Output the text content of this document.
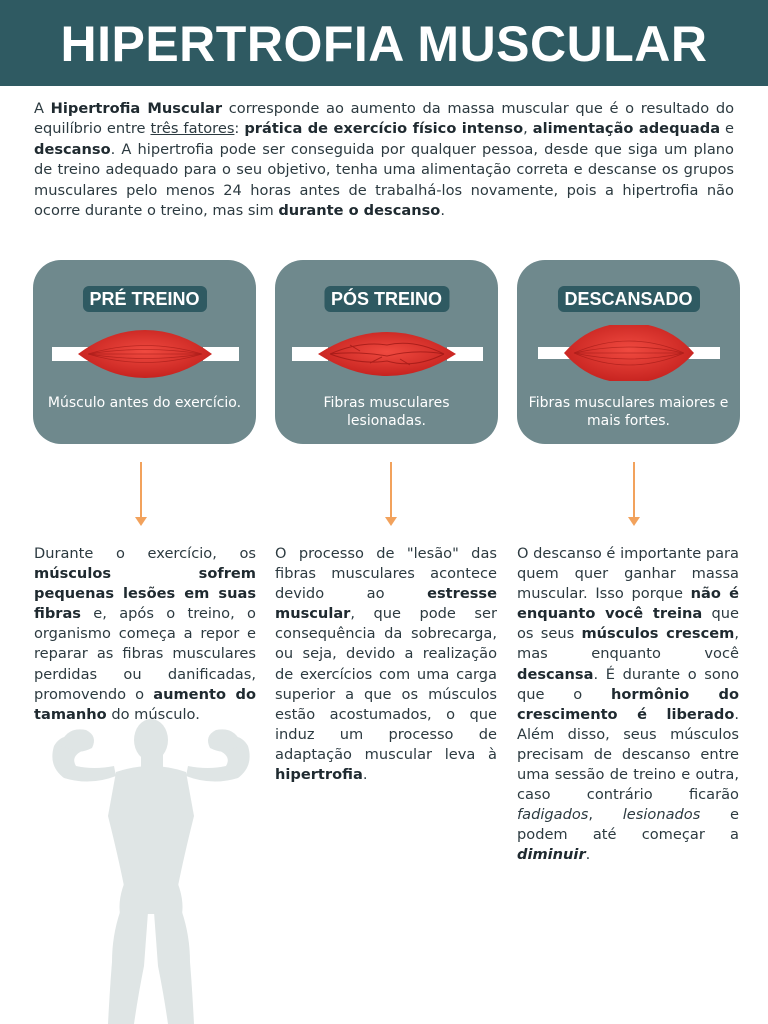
HIPERTROFIA MUSCULAR

A Hipertrofia Muscular corresponde ao aumento da massa muscular que é o resultado do equilíbrio entre três fatores: prática de exercício físico intenso, alimentação adequada e descanso. A hipertrofia pode ser conseguida por qualquer pessoa, desde que siga um plano de treino adequado para o seu objetivo, tenha uma alimentação correta e descanse os grupos musculares pelo menos 24 horas antes de trabalhá-los novamente, pois a hipertrofia não ocorre durante o treino, mas sim durante o descanso.

PRÉ TREINO
Músculo antes do exercício.
PÓS TREINO
Fibras musculares lesionadas.
DESCANSADO
Fibras musculares maiores e mais fortes.

Durante o exercício, os músculos sofrem pequenas lesões em suas fibras e, após o treino, o organismo começa a repor e reparar as fibras musculares perdidas ou danificadas, promovendo o aumento do tamanho do músculo.

O processo de "lesão" das fibras musculares acontece devido ao estresse muscular, que pode ser consequência da sobrecarga, ou seja, devido a realização de exercícios com uma carga superior a que os músculos estão acostumados, o que induz um processo de adaptação muscular leva à hipertrofia.

O descanso é importante para quem quer ganhar massa muscular. Isso porque não é enquanto você treina que os seus músculos crescem, mas enquanto você descansa. É durante o sono que o hormônio do crescimento é liberado. Além disso, seus músculos precisam de descanso entre uma sessão de treino e outra, caso contrário ficarão fadigados, lesionados e podem até começar a diminuir.
